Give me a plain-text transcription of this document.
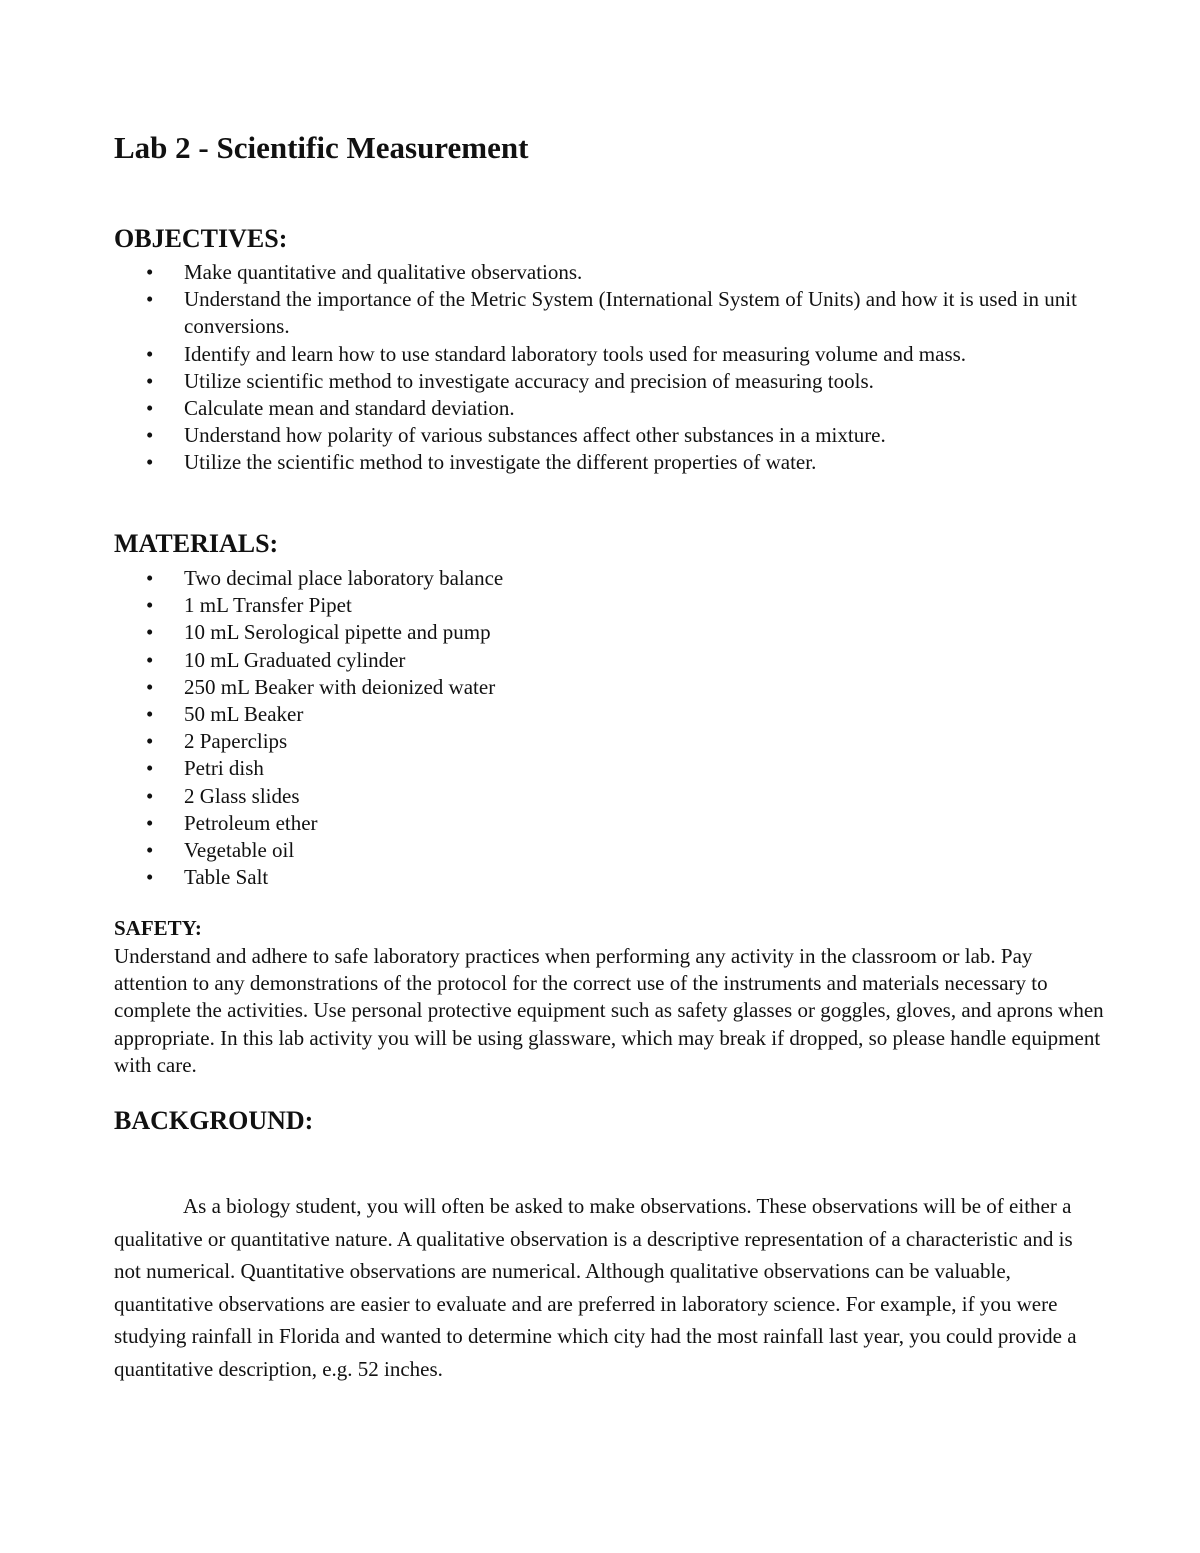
Lab 2 - Scientific Measurement
OBJECTIVES:
• Make quantitative and qualitative observations.
• Understand the importance of the Metric System (International System of Units) and how it is used in unit conversions.
• Identify and learn how to use standard laboratory tools used for measuring volume and mass.
• Utilize scientific method to investigate accuracy and precision of measuring tools.
• Calculate mean and standard deviation.
• Understand how polarity of various substances affect other substances in a mixture.
• Utilize the scientific method to investigate the different properties of water.
MATERIALS:
• Two decimal place laboratory balance
• 1 mL Transfer Pipet
• 10 mL Serological pipette and pump
• 10 mL Graduated cylinder
• 250 mL Beaker with deionized water
• 50 mL Beaker
• 2 Paperclips
• Petri dish
• 2 Glass slides
• Petroleum ether
• Vegetable oil
• Table Salt
SAFETY:

Understand and adhere to safe laboratory practices when performing any activity in the classroom or lab. Pay attention to any demonstrations of the protocol for the correct use of the instruments and materials necessary to complete the activities. Use personal protective equipment such as safety glasses or goggles, gloves, and aprons when appropriate. In this lab activity you will be using glassware, which may break if dropped, so please handle equipment with care.

BACKGROUND:

As a biology student, you will often be asked to make observations. These observations will be of either a qualitative or quantitative nature. A qualitative observation is a descriptive representation of a characteristic and is not numerical. Quantitative observations are numerical. Although qualitative observations can be valuable, quantitative observations are easier to evaluate and are preferred in laboratory science. For example, if you were studying rainfall in Florida and wanted to determine which city had the most rainfall last year, you could provide a quantitative description, e.g. 52 inches.
